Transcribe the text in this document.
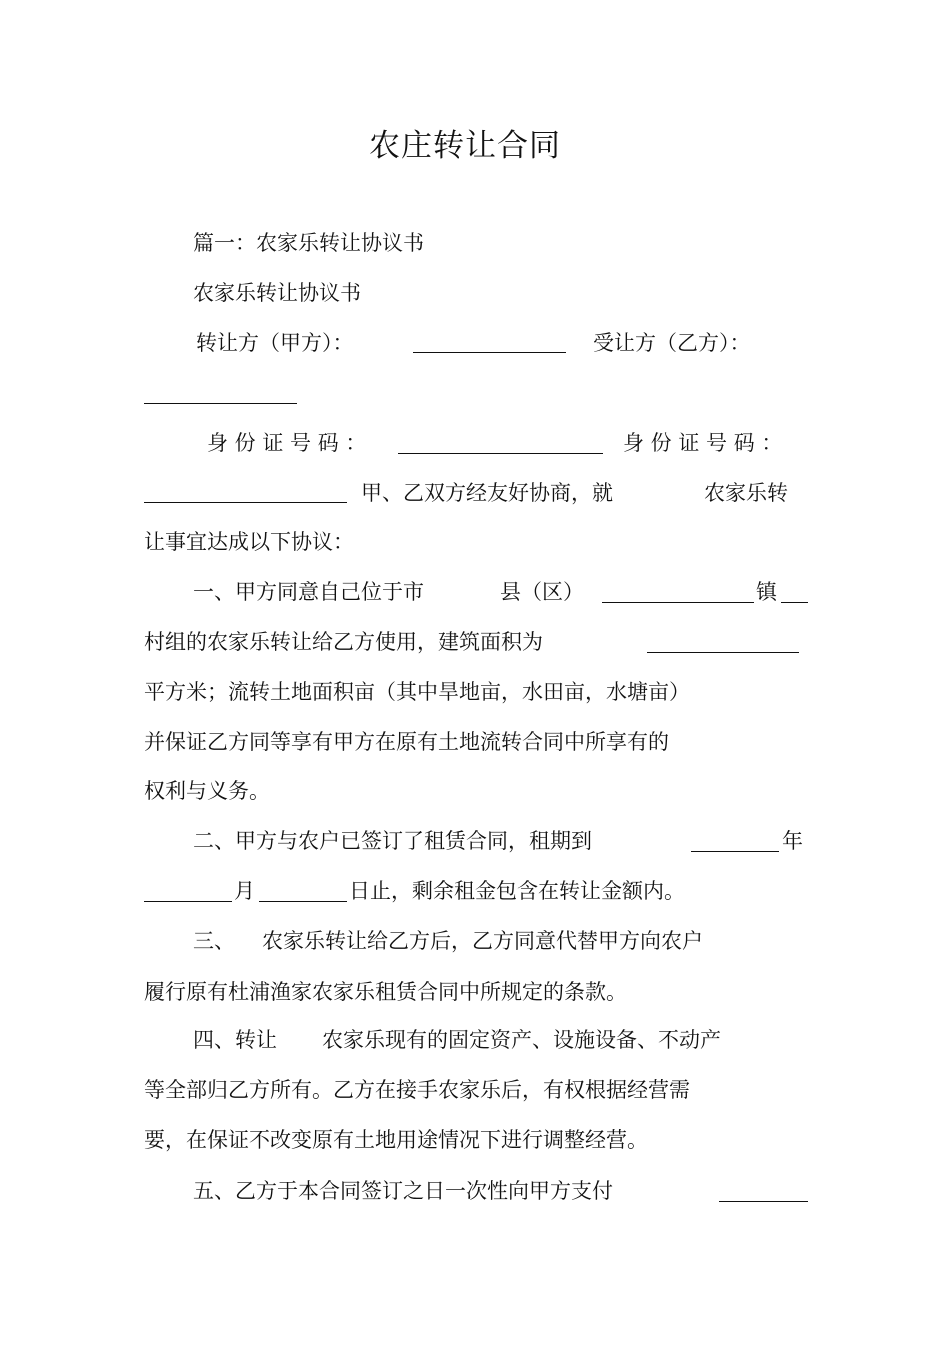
农庄转让合同
篇一：农家乐转让协议书
农家乐转让协议书
转让方（甲方）：	受让方（乙方）：
身 份 证 号 码 ：	身 份 证 号 码 ：
甲、乙双方经友好协商，就	农家乐转
让事宜达成以下协议：
一、甲方同意自己位于市	县（区）	镇
村组的农家乐转让给乙方使用，建筑面积为
平方米；流转土地面积亩（其中旱地亩，水田亩，水塘亩）
并保证乙方同等享有甲方在原有土地流转合同中所享有的
权利与义务。
二、甲方与农户已签订了租赁合同，租期到	年
月	日止，剩余租金包含在转让金额内。
三、 农家乐转让给乙方后，乙方同意代替甲方向农户
履行原有杜浦渔家农家乐租赁合同中所规定的条款。
四、转让 农家乐现有的固定资产、设施设备、不动产
等全部归乙方所有。乙方在接手农家乐后，有权根据经营需
要，在保证不改变原有土地用途情况下进行调整经营。
五、乙方于本合同签订之日一次性向甲方支付
